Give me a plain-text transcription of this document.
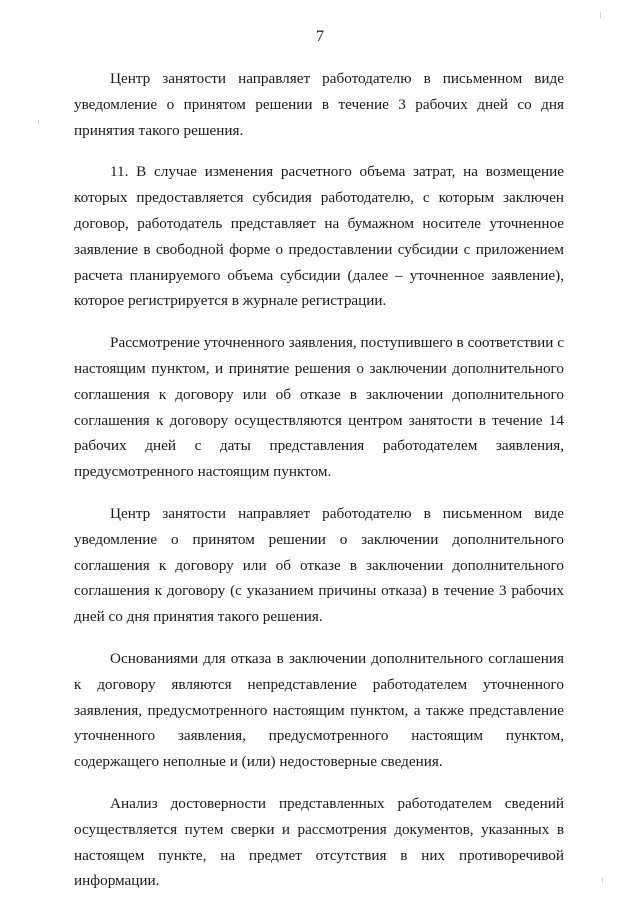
7

Центр занятости направляет работодателю в письменном виде уведомление о принятом решении в течение 3 рабочих дней со дня принятия такого решения.

11. В случае изменения расчетного объема затрат, на возмещение которых предоставляется субсидия работодателю, с которым заключен договор, работодатель представляет на бумажном носителе уточненное заявление в свободной форме о предоставлении субсидии с приложением расчета планируемого объема субсидии (далее – уточненное заявление), которое регистрируется в журнале регистрации.

Рассмотрение уточненного заявления, поступившего в соответствии с настоящим пунктом, и принятие решения о заключении дополнительного соглашения к договору или об отказе в заключении дополнительного соглашения к договору осуществляются центром занятости в течение 14 рабочих дней с даты представления работодателем заявления, предусмотренного настоящим пунктом.

Центр занятости направляет работодателю в письменном виде уведомление о принятом решении о заключении дополнительного соглашения к договору или об отказе в заключении дополнительного соглашения к договору (с указанием причины отказа) в течение 3 рабочих дней со дня принятия такого решения.

Основаниями для отказа в заключении дополнительного соглашения к договору являются непредставление работодателем уточненного заявления, предусмотренного настоящим пунктом, а также представление уточненного заявления, предусмотренного настоящим пунктом, содержащего неполные и (или) недостоверные сведения.

Анализ достоверности представленных работодателем сведений осуществляется путем сверки и рассмотрения документов, указанных в настоящем пункте, на предмет отсутствия в них противоречивой информации.
